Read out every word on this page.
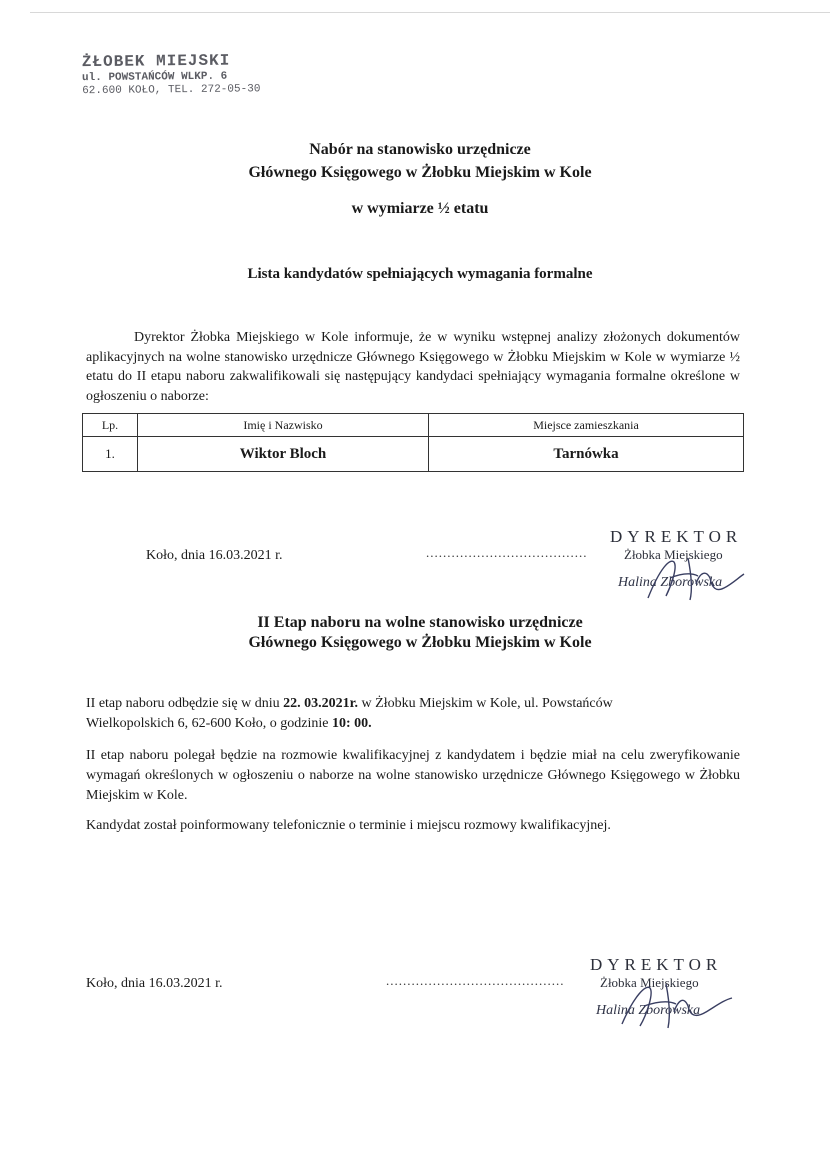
ŻŁOBEK MIEJSKI
ul. POWSTAŃCÓW WLKP. 6
62.600 KOŁO, TEL. 272-05-30
Nabór na stanowisko urzędnicze
Głównego Księgowego w Żłobku Miejskim w Kole
w wymiarze ½ etatu
Lista kandydatów spełniających wymagania formalne
Dyrektor Żłobka Miejskiego w Kole informuje, że w wyniku wstępnej analizy złożonych dokumentów aplikacyjnych na wolne stanowisko urzędnicze Głównego Księgowego w Żłobku Miejskim w Kole w wymiarze ½ etatu do II etapu naboru zakwalifikowali się następujący kandydaci spełniający wymagania formalne określone w ogłoszeniu o naborze:
Lp.	Imię i Nazwisko	Miejsce zamieszkania
1.	Wiktor Bloch	Tarnówka
Koło, dnia 16.03.2021 r.	......................................
DYREKTOR
Żłobka Miejskiego
Halina Zborowska
II Etap naboru na wolne stanowisko urzędnicze
Głównego Księgowego w Żłobku Miejskim w Kole
II etap naboru odbędzie się w dniu 22. 03.2021r. w Żłobku Miejskim w Kole, ul. Powstańców
Wielkopolskich 6, 62-600 Koło, o godzinie 10: 00.
II etap naboru polegał będzie na rozmowie kwalifikacyjnej z kandydatem i będzie miał na celu zweryfikowanie wymagań określonych w ogłoszeniu o naborze na wolne stanowisko urzędnicze Głównego Księgowego w Żłobku Miejskim w Kole.
Kandydat został poinformowany telefonicznie o terminie i miejscu rozmowy kwalifikacyjnej.
Koło, dnia 16.03.2021 r.	..........................................
DYREKTOR
Żłobka Miejskiego
Halina Zborowska
